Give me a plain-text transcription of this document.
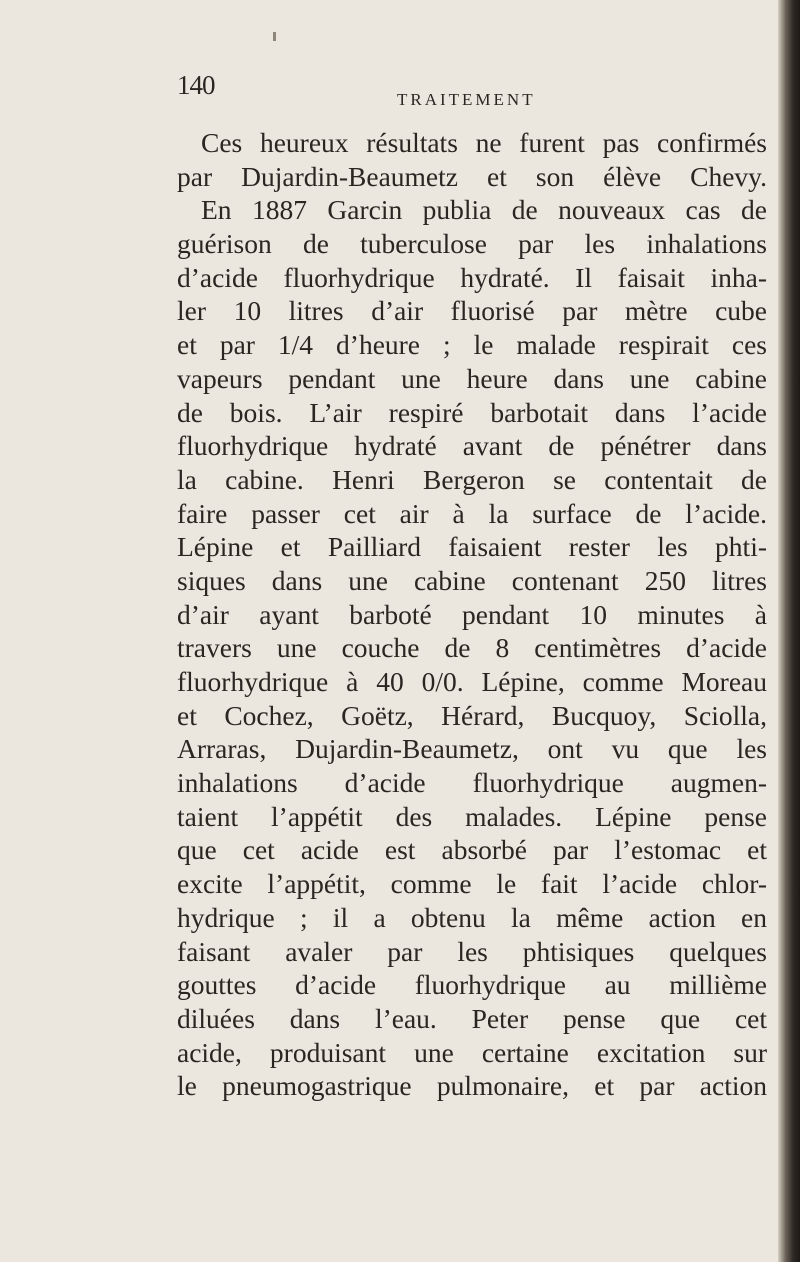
140	TRAITEMENT
Ces heureux résultats ne furent pas confirmés
par Dujardin-Beaumetz et son élève Chevy.
En 1887 Garcin publia de nouveaux cas de
guérison de tuberculose par les inhalations
d’acide fluorhydrique hydraté. Il faisait inha-
ler 10 litres d’air fluorisé par mètre cube
et par 1/4 d’heure ; le malade respirait ces
vapeurs pendant une heure dans une cabine
de bois. L’air respiré barbotait dans l’acide
fluorhydrique hydraté avant de pénétrer dans
la cabine. Henri Bergeron se contentait de
faire passer cet air à la surface de l’acide.
Lépine et Pailliard faisaient rester les phti-
siques dans une cabine contenant 250 litres
d’air ayant barboté pendant 10 minutes à
travers une couche de 8 centimètres d’acide
fluorhydrique à 40 0/0. Lépine, comme Moreau
et Cochez, Goëtz, Hérard, Bucquoy, Sciolla,
Arraras, Dujardin-Beaumetz, ont vu que les
inhalations d’acide fluorhydrique augmen-
taient l’appétit des malades. Lépine pense
que cet acide est absorbé par l’estomac et
excite l’appétit, comme le fait l’acide chlor-
hydrique ; il a obtenu la même action en
faisant avaler par les phtisiques quelques
gouttes d’acide fluorhydrique au millième
diluées dans l’eau. Peter pense que cet
acide, produisant une certaine excitation sur
le pneumogastrique pulmonaire, et par action
